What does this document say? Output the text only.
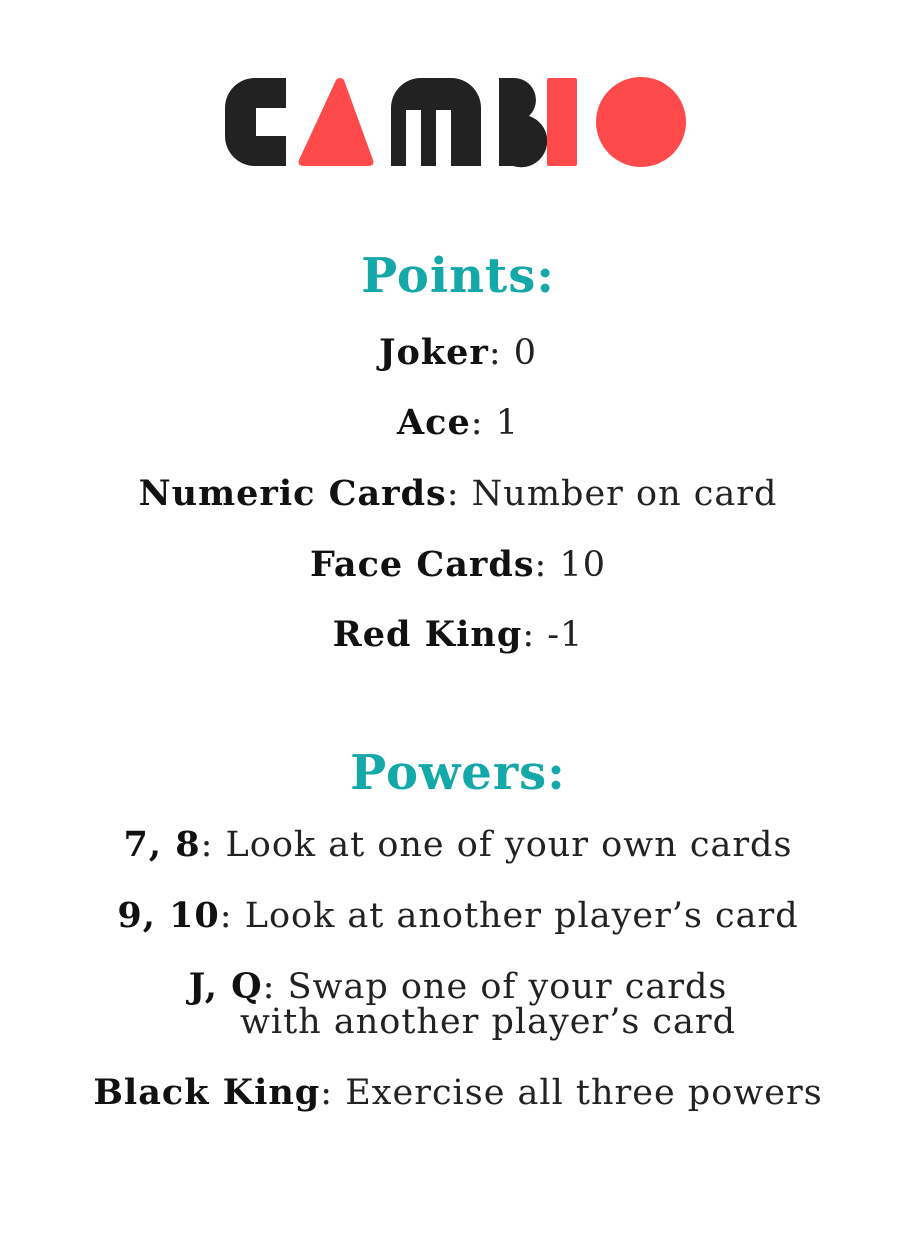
Points:
Joker: 0
Ace: 1
Numeric Cards: Number on card
Face Cards: 10
Red King: -1
Powers:
7, 8: Look at one of your own cards
9, 10: Look at another player’s card
J, Q: Swap one of your cards
with another player’s card
Black King: Exercise all three powers
